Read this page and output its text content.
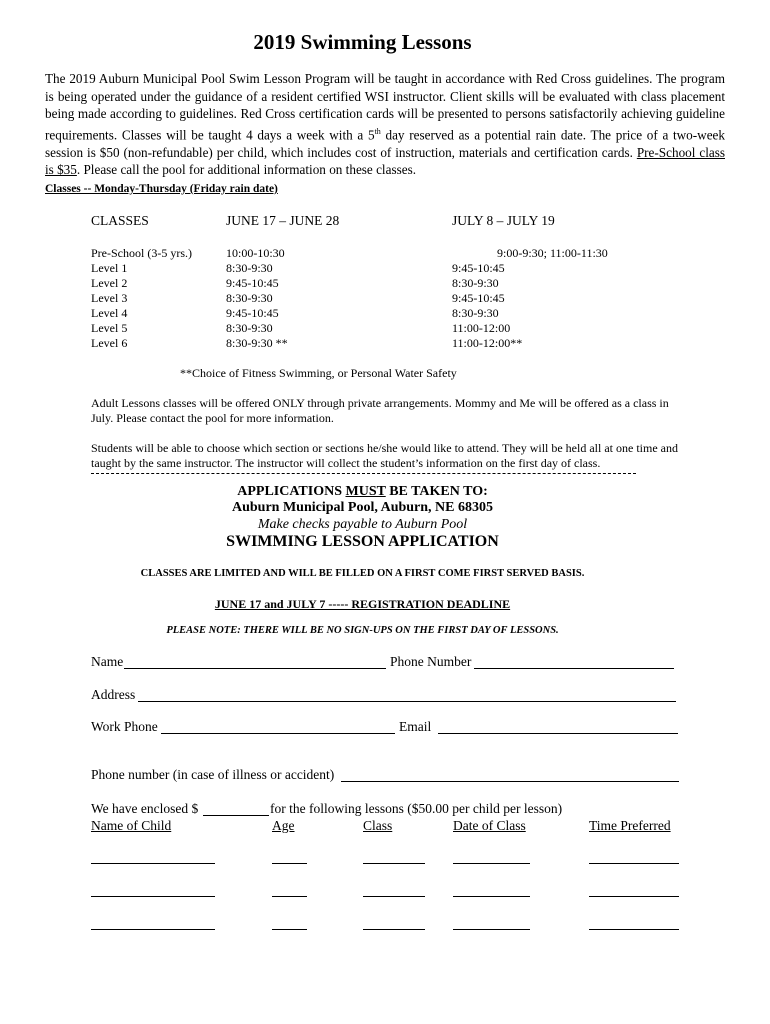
2019 Swimming Lessons
The 2019 Auburn Municipal Pool Swim Lesson Program will be taught in accordance with Red Cross guidelines. The program is being operated under the guidance of a resident certified WSI instructor. Client skills will be evaluated with class placement being made according to guidelines. Red Cross certification cards will be presented to persons satisfactorily achieving guideline requirements. Classes will be taught 4 days a week with a 5th day reserved as a potential rain date. The price of a two-week session is $50 (non-refundable) per child, which includes cost of instruction, materials and certification cards. Pre-School class is $35. Please call the pool for additional information on these classes.
Classes -- Monday-Thursday (Friday rain date)
CLASSES	JUNE 17 – JUNE 28	JULY 8 – JULY 19
Pre-School (3-5 yrs.)	10:00-10:30	9:00-9:30; 11:00-11:30
Level 1	8:30-9:30	9:45-10:45
Level 2	9:45-10:45	8:30-9:30
Level 3	8:30-9:30	9:45-10:45
Level 4	9:45-10:45	8:30-9:30
Level 5	8:30-9:30	11:00-12:00
Level 6	8:30-9:30 **	11:00-12:00**
**Choice of Fitness Swimming, or Personal Water Safety
Adult Lessons classes will be offered ONLY through private arrangements. Mommy and Me will be offered as a class in July. Please contact the pool for more information.
Students will be able to choose which section or sections he/she would like to attend. They will be held all at one time and taught by the same instructor. The instructor will collect the student’s information on the first day of class.
APPLICATIONS MUST BE TAKEN TO:
Auburn Municipal Pool, Auburn, NE 68305
Make checks payable to Auburn Pool
SWIMMING LESSON APPLICATION
CLASSES ARE LIMITED AND WILL BE FILLED ON A FIRST COME FIRST SERVED BASIS.
JUNE 17 and JULY 7 ----- REGISTRATION DEADLINE
PLEASE NOTE: THERE WILL BE NO SIGN-UPS ON THE FIRST DAY OF LESSONS.
Name	Phone Number
Address
Work Phone	Email
Phone number (in case of illness or accident)
We have enclosed $	for the following lessons ($50.00 per child per lesson)
Name of Child	Age	Class	Date of Class	Time Preferred
